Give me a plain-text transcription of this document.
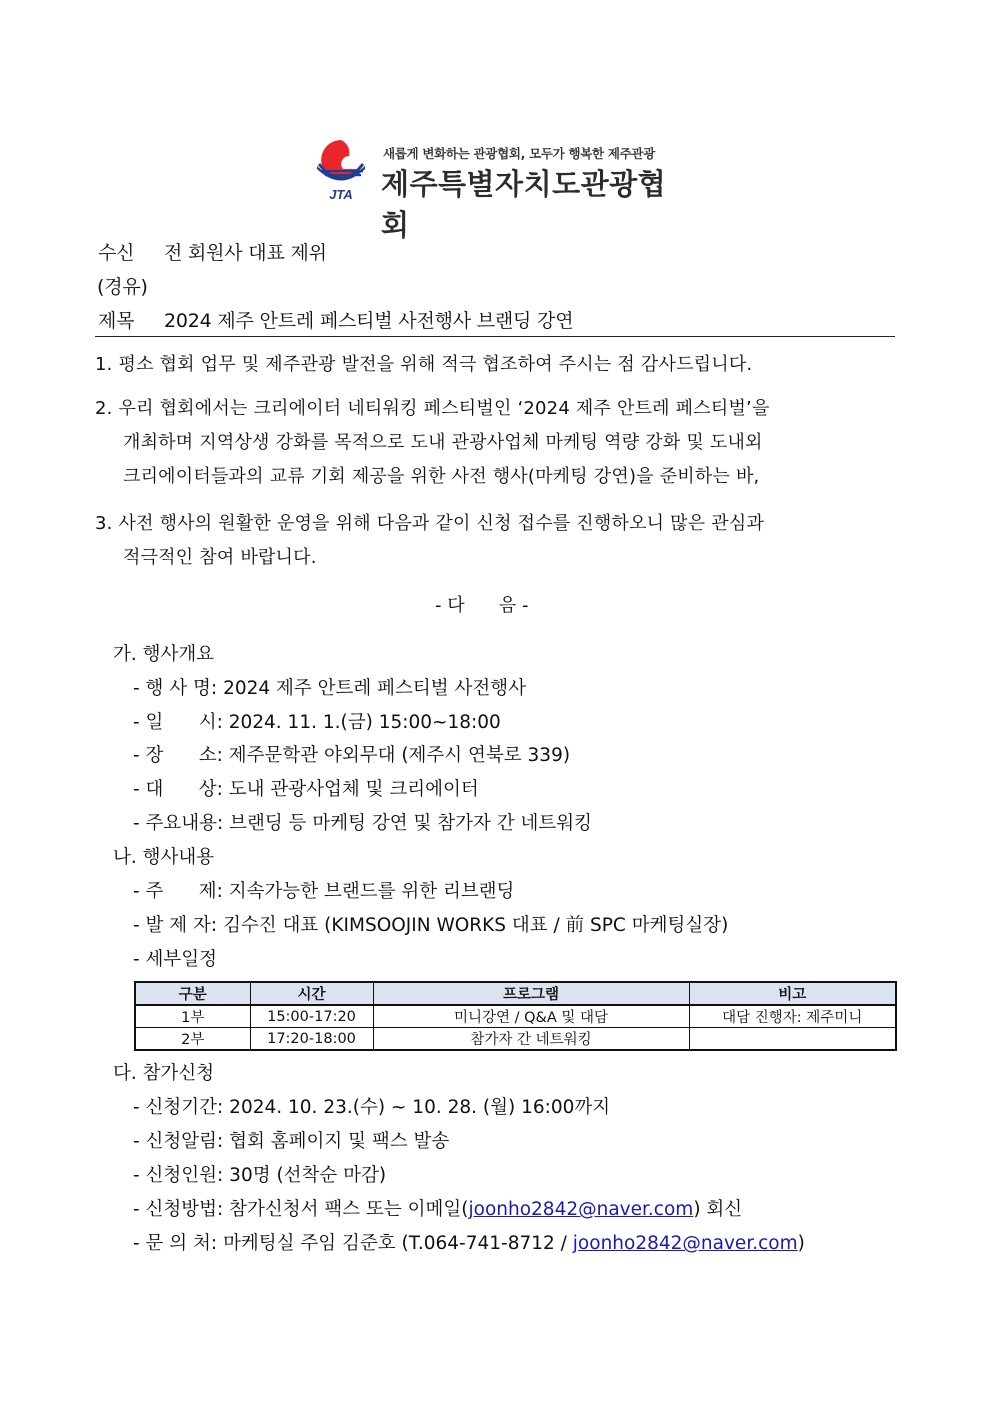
JTA
새롭게 변화하는 관광협회, 모두가 행복한 제주관광
제주특별자치도관광협회
수신 전 회원사 대표 제위
(경유)
제목 2024 제주 안트레 페스티벌 사전행사 브랜딩 강연
1. 평소 협회 업무 및 제주관광 발전을 위해 적극 협조하여 주시는 점 감사드립니다.
2. 우리 협회에서는 크리에이터 네티워킹 페스티벌인 ‘2024 제주 안트레 페스티벌’을
개최하며 지역상생 강화를 목적으로 도내 관광사업체 마케팅 역량 강화 및 도내외
크리에이터들과의 교류 기회 제공을 위한 사전 행사(마케팅 강연)을 준비하는 바,
3. 사전 행사의 원활한 운영을 위해 다음과 같이 신청 접수를 진행하오니 많은 관심과
적극적인 참여 바랍니다.
- 다      음 -
가. 행사개요
- 행 사 명: 2024 제주 안트레 페스티벌 사전행사
- 일      시: 2024. 11. 1.(금) 15:00~18:00
- 장      소: 제주문학관 야외무대 (제주시 연북로 339)
- 대      상: 도내 관광사업체 및 크리에이터
- 주요내용: 브랜딩 등 마케팅 강연 및 참가자 간 네트워킹
나. 행사내용
- 주      제: 지속가능한 브랜드를 위한 리브랜딩
- 발 제 자: 김수진 대표 (KIMSOOJIN WORKS 대표 / 前 SPC 마케팅실장)
- 세부일정
구분	시간	프로그램	비고
1부	15:00-17:20	미니강연 / Q&A 및 대담	대담 진행자: 제주미니
2부	17:20-18:00	참가자 간 네트워킹	
다. 참가신청
- 신청기간: 2024. 10. 23.(수) ~ 10. 28. (월) 16:00까지
- 신청알림: 협회 홈페이지 및 팩스 발송
- 신청인원: 30명 (선착순 마감)
- 신청방법: 참가신청서 팩스 또는 이메일(joonho2842@naver.com) 회신
- 문 의 처: 마케팅실 주임 김준호 (T.064-741-8712 / joonho2842@naver.com)
